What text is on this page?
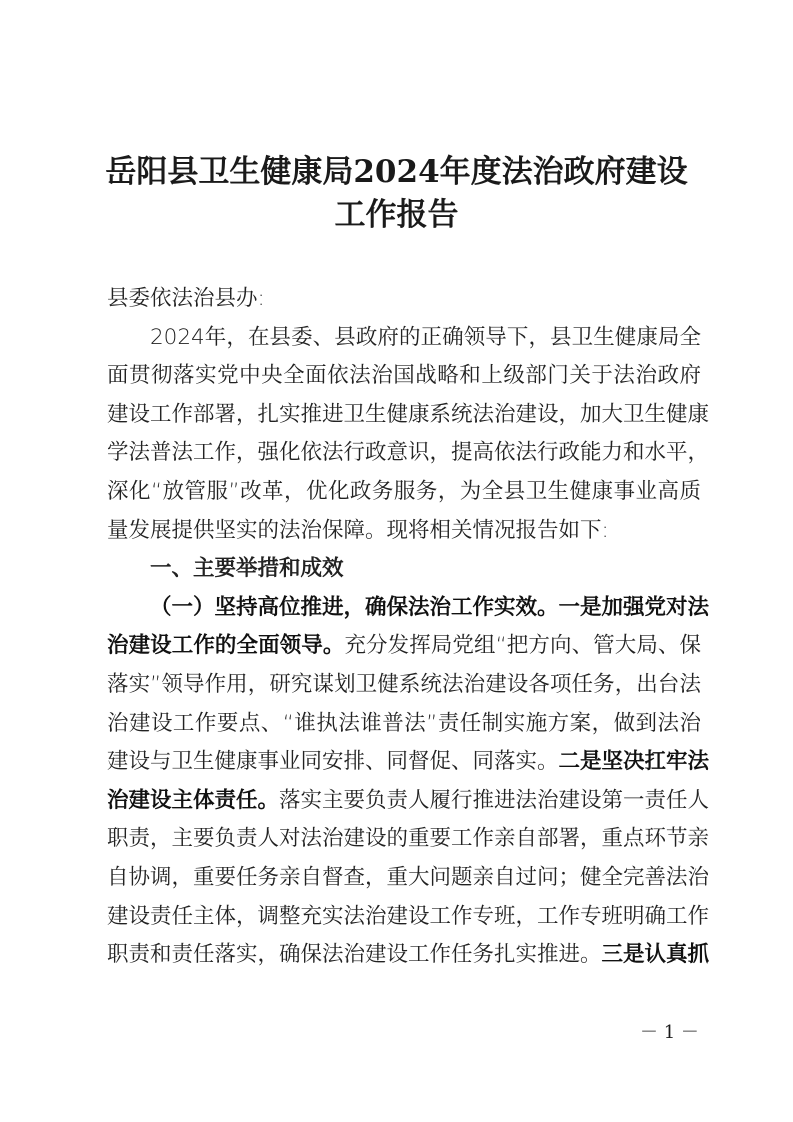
岳阳县卫生健康局2024年度法治政府建设
工作报告
县委依法治县办:
2024年，在县委、县政府的正确领导下，县卫生健康局全
面贯彻落实党中央全面依法治国战略和上级部门关于法治政府
建设工作部署，扎实推进卫生健康系统法治建设，加大卫生健康
学法普法工作，强化依法行政意识，提高依法行政能力和水平，
深化“放管服”改革，优化政务服务，为全县卫生健康事业高质
量发展提供坚实的法治保障。现将相关情况报告如下:
一、主要举措和成效
（一）坚持高位推进，确保法治工作实效。一是加强党对法
治建设工作的全面领导。充分发挥局党组“把方向、管大局、保
落实”领导作用，研究谋划卫健系统法治建设各项任务，出台法
治建设工作要点、“谁执法谁普法”责任制实施方案，做到法治
建设与卫生健康事业同安排、同督促、同落实。二是坚决扛牢法
治建设主体责任。落实主要负责人履行推进法治建设第一责任人
职责，主要负责人对法治建设的重要工作亲自部署，重点环节亲
自协调，重要任务亲自督查，重大问题亲自过问；健全完善法治
建设责任主体，调整充实法治建设工作专班，工作专班明确工作
职责和责任落实，确保法治建设工作任务扎实推进。三是认真抓
－ 1 －
